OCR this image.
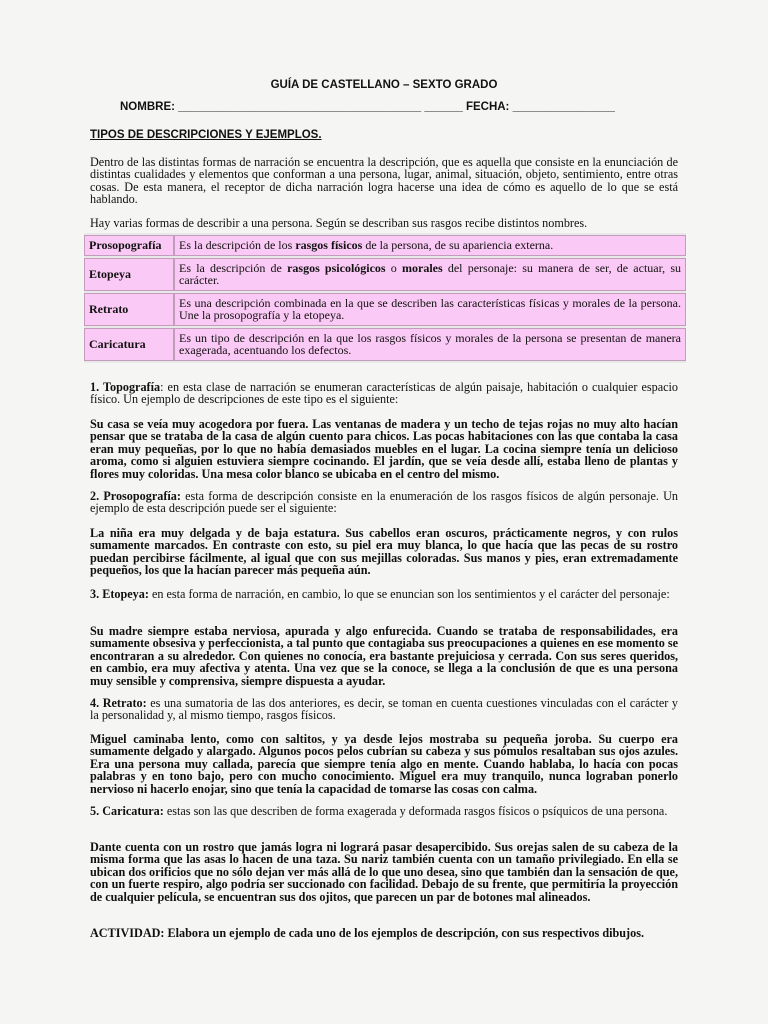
GUÍA DE CASTELLANO – SEXTO GRADO
NOMBRE: ______________________________________ ______ FECHA: ________________
TIPOS DE DESCRIPCIONES Y EJEMPLOS.
Dentro de las distintas formas de narración se encuentra la descripción, que es aquella que consiste en la enunciación de distintas cualidades y elementos que conforman a una persona, lugar, animal, situación, objeto, sentimiento, entre otras cosas. De esta manera, el receptor de dicha narración logra hacerse una idea de cómo es aquello de lo que se está hablando.
Hay varias formas de describir a una persona. Según se describan sus rasgos recibe distintos nombres.
Prosopografía	Es la descripción de los rasgos físicos de la persona, de su apariencia externa.
Etopeya	Es la descripción de rasgos psicológicos o morales del personaje: su manera de ser, de actuar, su carácter.
Retrato	Es una descripción combinada en la que se describen las características físicas y morales de la persona. Une la prosopografía y la etopeya.
Caricatura	Es un tipo de descripción en la que los rasgos físicos y morales de la persona se presentan de manera exagerada, acentuando los defectos.
1. Topografía: en esta clase de narración se enumeran características de algún paisaje, habitación o cualquier espacio físico. Un ejemplo de descripciones de este tipo es el siguiente:
Su casa se veía muy acogedora por fuera. Las ventanas de madera y un techo de tejas rojas no muy alto hacían pensar que se trataba de la casa de algún cuento para chicos. Las pocas habitaciones con las que contaba la casa eran muy pequeñas, por lo que no había demasiados muebles en el lugar. La cocina siempre tenía un delicioso aroma, como si alguien estuviera siempre cocinando. El jardín, que se veía desde allí, estaba lleno de plantas y flores muy coloridas. Una mesa color blanco se ubicaba en el centro del mismo.
2. Prosopografía: esta forma de descripción consiste en la enumeración de los rasgos físicos de algún personaje. Un ejemplo de esta descripción puede ser el siguiente:
La niña era muy delgada y de baja estatura. Sus cabellos eran oscuros, prácticamente negros, y con rulos sumamente marcados. En contraste con esto, su piel era muy blanca, lo que hacía que las pecas de su rostro puedan percibirse fácilmente, al igual que con sus mejillas coloradas. Sus manos y pies, eran extremadamente pequeños, los que la hacían parecer más pequeña aún.
3. Etopeya: en esta forma de narración, en cambio, lo que se enuncian son los sentimientos y el carácter del personaje:
Su madre siempre estaba nerviosa, apurada y algo enfurecida. Cuando se trataba de responsabilidades, era sumamente obsesiva y perfeccionista, a tal punto que contagiaba sus preocupaciones a quienes en ese momento se encontraran a su alrededor. Con quienes no conocía, era bastante prejuiciosa y cerrada. Con sus seres queridos, en cambio, era muy afectiva y atenta. Una vez que se la conoce, se llega a la conclusión de que es una persona muy sensible y comprensiva, siempre dispuesta a ayudar.
4. Retrato: es una sumatoria de las dos anteriores, es decir, se toman en cuenta cuestiones vinculadas con el carácter y la personalidad y, al mismo tiempo, rasgos físicos.
Miguel caminaba lento, como con saltitos, y ya desde lejos mostraba su pequeña joroba. Su cuerpo era sumamente delgado y alargado. Algunos pocos pelos cubrían su cabeza y sus pómulos resaltaban sus ojos azules. Era una persona muy callada, parecía que siempre tenía algo en mente. Cuando hablaba, lo hacía con pocas palabras y en tono bajo, pero con mucho conocimiento. Miguel era muy tranquilo, nunca lograban ponerlo nervioso ni hacerlo enojar, sino que tenía la capacidad de tomarse las cosas con calma.
5. Caricatura: estas son las que describen de forma exagerada y deformada rasgos físicos o psíquicos de una persona.
Dante cuenta con un rostro que jamás logra ni logrará pasar desapercibido. Sus orejas salen de su cabeza de la misma forma que las asas lo hacen de una taza. Su nariz también cuenta con un tamaño privilegiado. En ella se ubican dos orificios que no sólo dejan ver más allá de lo que uno desea, sino que también dan la sensación de que, con un fuerte respiro, algo podría ser succionado con facilidad. Debajo de su frente, que permitiría la proyección de cualquier película, se encuentran sus dos ojitos, que parecen un par de botones mal alineados.
ACTIVIDAD: Elabora un ejemplo de cada uno de los ejemplos de descripción, con sus respectivos dibujos.
